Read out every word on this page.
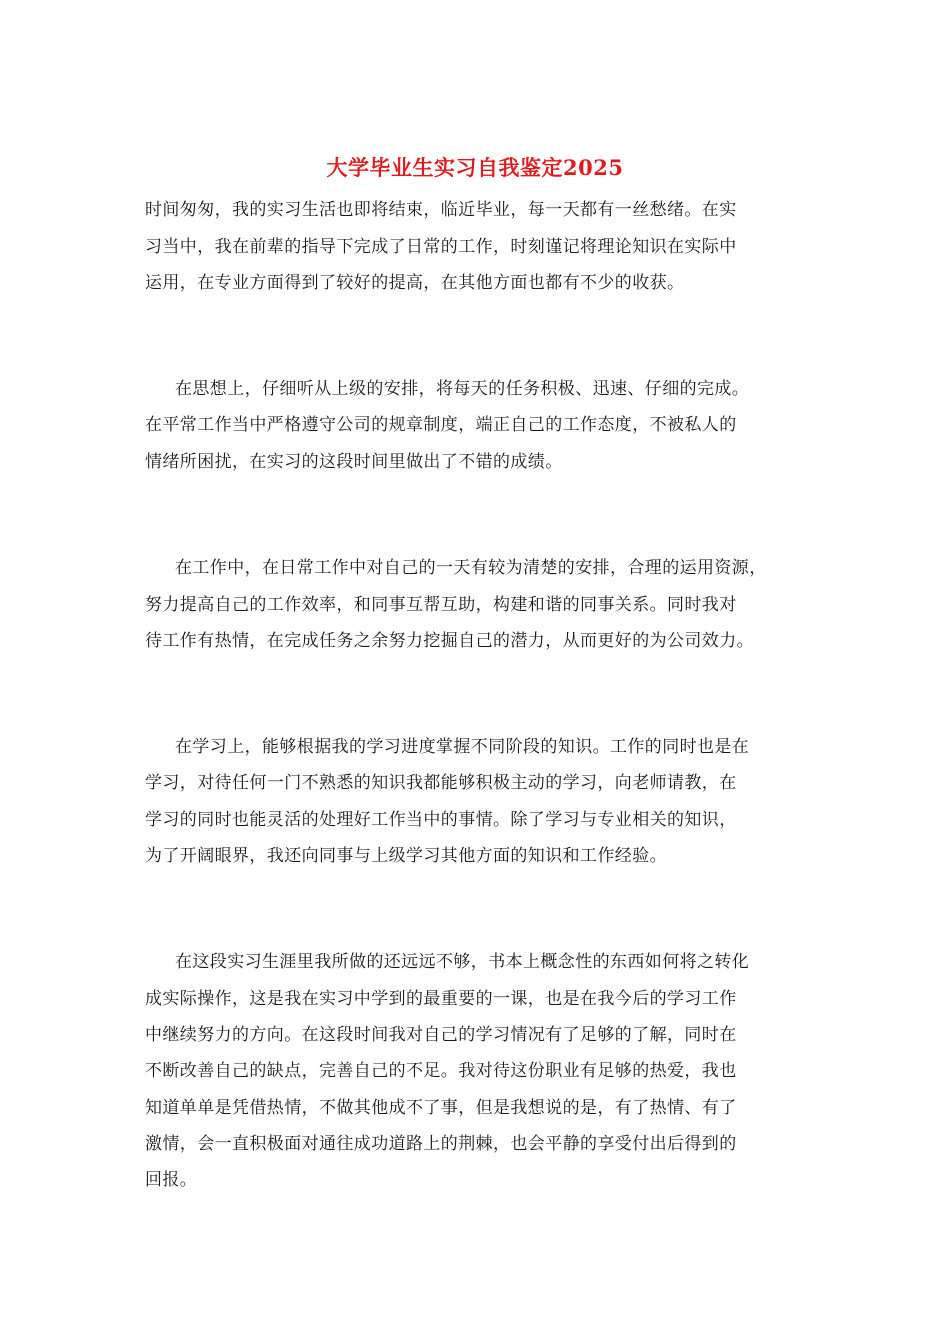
大学毕业生实习自我鉴定2025
时间匆匆，我的实习生活也即将结束，临近毕业，每一天都有一丝愁绪。在实
习当中，我在前辈的指导下完成了日常的工作，时刻谨记将理论知识在实际中
运用，在专业方面得到了较好的提高，在其他方面也都有不少的收获。
在思想上，仔细听从上级的安排，将每天的任务积极、迅速、仔细的完成。
在平常工作当中严格遵守公司的规章制度，端正自己的工作态度，不被私人的
情绪所困扰，在实习的这段时间里做出了不错的成绩。
在工作中，在日常工作中对自己的一天有较为清楚的安排，合理的运用资源，
努力提高自己的工作效率，和同事互帮互助，构建和谐的同事关系。同时我对
待工作有热情，在完成任务之余努力挖掘自己的潜力，从而更好的为公司效力。
在学习上，能够根据我的学习进度掌握不同阶段的知识。工作的同时也是在
学习，对待任何一门不熟悉的知识我都能够积极主动的学习，向老师请教，在
学习的同时也能灵活的处理好工作当中的事情。除了学习与专业相关的知识，
为了开阔眼界，我还向同事与上级学习其他方面的知识和工作经验。
在这段实习生涯里我所做的还远远不够，书本上概念性的东西如何将之转化
成实际操作，这是我在实习中学到的最重要的一课，也是在我今后的学习工作
中继续努力的方向。在这段时间我对自己的学习情况有了足够的了解，同时在
不断改善自己的缺点，完善自己的不足。我对待这份职业有足够的热爱，我也
知道单单是凭借热情，不做其他成不了事，但是我想说的是，有了热情、有了
激情，会一直积极面对通往成功道路上的荆棘，也会平静的享受付出后得到的
回报。
